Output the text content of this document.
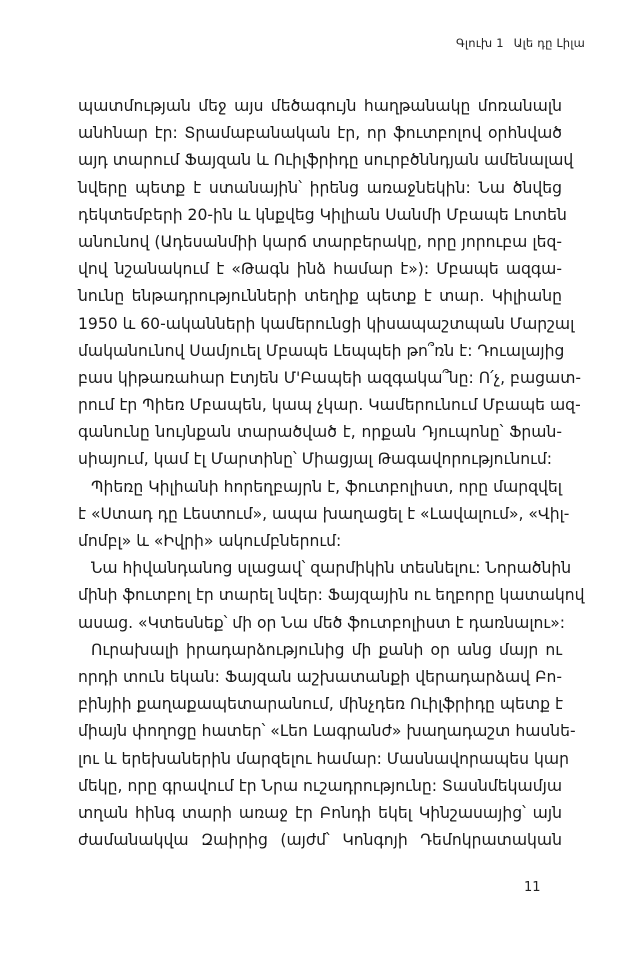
Գլուխ 1 Ալե դը Լիլա
պատմության մեջ այս մեծագույն հաղթանակը մոռանալն
անհնար էր: Տրամաբանական էր, որ ֆուտբոլով օրհնված
այդ տարում Ֆայզան և Ուիլֆրիդը սուրբծննդյան ամենալավ
նվերը պետք է ստանային՝ իրենց առաջնեկին: Նա ծնվեց
դեկտեմբերի 20-ին և կնքվեց Կիլիան Սանմի Մբապե Լոտեն
անունով (Ադեսանմիի կարճ տարբերակը, որը յորուբա լեզ-
վով նշանակում է «Թագն ինձ համար է»): Մբապե ազգա-
նունը ենթադրությունների տեղիք պետք է տար. Կիլիանը
1950 և 60-ականների կամերունցի կիսապաշտպան Մարշալ
մականունով Սամյուել Մբապե Լեպպեի թո՞ռն է: Դուալայից
բաս կիթառահար Էտյեն Մ'Բապեի ազգակա՞նը: Ո՛չ, բացատ-
րում էր Պիեռ Մբապեն, կապ չկար. Կամերունում Մբապե ազ-
գանունը նույնքան տարածված է, որքան Դյուպոնը՝ Ֆրան-
սիայում, կամ էլ Մարտինը՝ Միացյալ Թագավորությունում:
Պիեռը Կիլիանի հորեղբայրն է, ֆուտբոլիստ, որը մարզվել
է «Ստադ դը Լեստում», ապա խաղացել է «Լավալում», «Վիլ-
մոմբլ» և «Իվրի» ակումբներում:
Նա հիվանդանոց սլացավ՝ զարմիկին տեսնելու: Նորածնին
մինի ֆուտբոլ էր տարել նվեր: Ֆայզային ու եղբորը կատակով
ասաց. «Կտեսնեք՝ մի օր Նա մեծ ֆուտբոլիստ է դառնալու»:
Ուրախալի իրադարձությունից մի քանի օր անց մայր ու
որդի տուն եկան: Ֆայզան աշխատանքի վերադարձավ Բո-
բինյիի քաղաքապետարանում, մինչդեռ Ուիլֆրիդը պետք է
միայն փողոցը հատեր՝ «Լեո Լագրանժ» խաղադաշտ հասնե-
լու և երեխաներին մարզելու համար: Մասնավորապես կար
մեկը, որը գրավում էր Նրա ուշադրությունը: Տասնմեկամյա
տղան հինգ տարի առաջ էր Բոնդի եկել Կինշասայից՝ այն
ժամանակվա Զաիրից (այժմ՝ Կոնգոյի Դեմոկրատական
11
